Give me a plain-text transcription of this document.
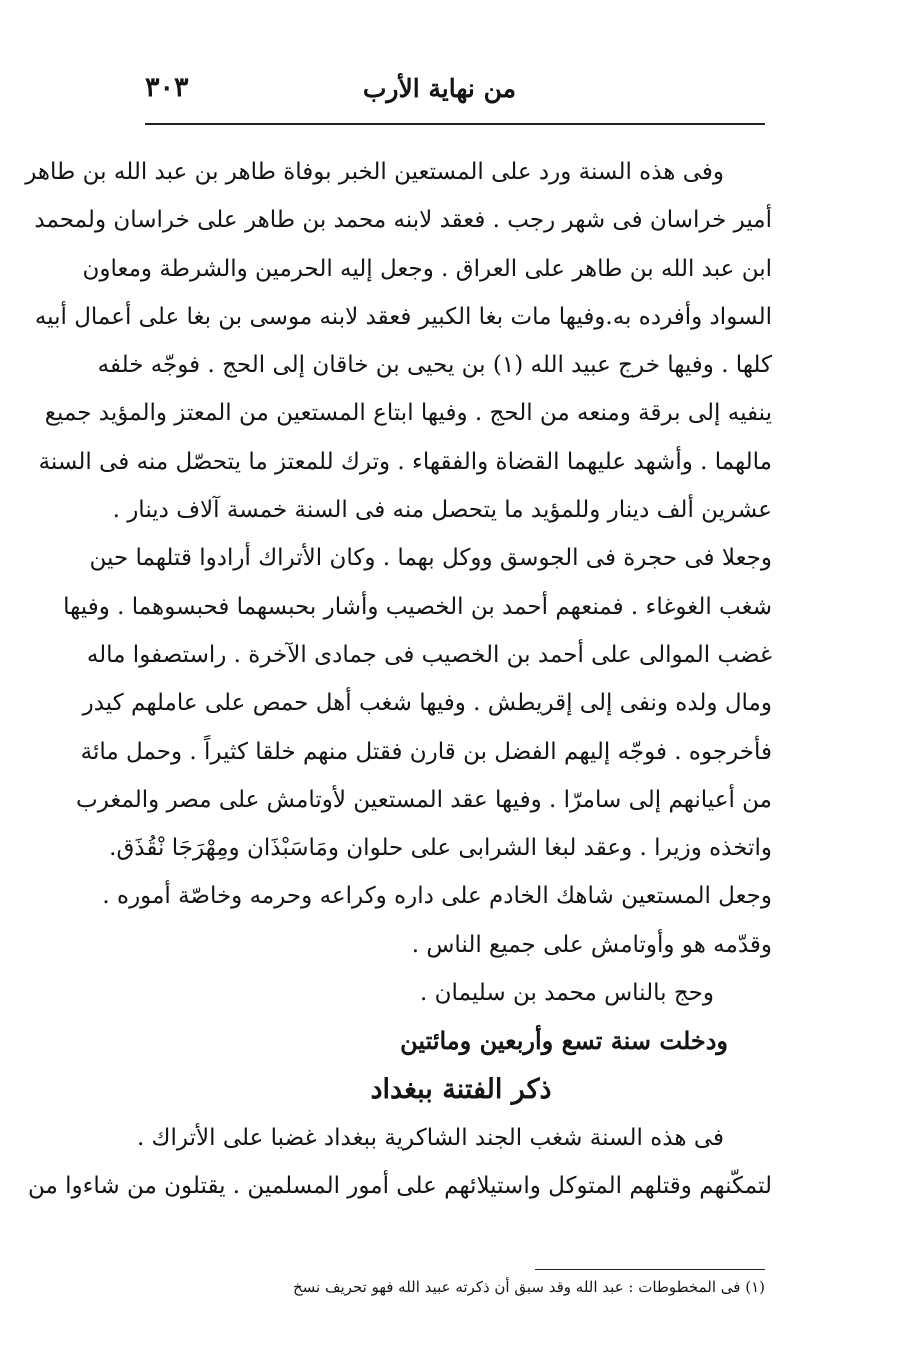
من نهاية الأرب
٣٠٣
وفى هذه السنة ورد على المستعين الخبر بوفاة طاهر بن عبد الله بن طاهر
أمير خراسان فى شهر رجب . فعقد لابنه محمد بن طاهر على خراسان ولمحمد
ابن عبد الله بن طاهر على العراق . وجعل إليه الحرمين والشرطة ومعاون
السواد وأفرده به.وفيها مات بغا الكبير فعقد لابنه موسى بن بغا على أعمال أبيه
كلها . وفيها خرج عبيد الله (١) بن يحيى بن خاقان إلى الحج . فوجّه خلفه
ينفيه إلى برقة ومنعه من الحج . وفيها ابتاع المستعين من المعتز والمؤيد جميع
مالهما . وأشهد عليهما القضاة والفقهاء . وترك للمعتز ما يتحصّل منه فى السنة
عشرين ألف دينار وللمؤيد ما يتحصل منه فى السنة خمسة آلاف دينار .
وجعلا فى حجرة فى الجوسق ووكل بهما . وكان الأتراك أرادوا قتلهما حين
شغب الغوغاء . فمنعهم أحمد بن الخصيب وأشار بحبسهما فحبسوهما . وفيها
غضب الموالى على أحمد بن الخصيب فى جمادى الآخرة . راستصفوا ماله
ومال ولده ونفى إلى إقريطش . وفيها شغب أهل حمص على عاملهم كيدر
فأخرجوه . فوجّه إليهم الفضل بن قارن فقتل منهم خلقا كثيراً . وحمل مائة
من أعيانهم إلى سامرّا . وفيها عقد المستعين لأوتامش على مصر والمغرب
واتخذه وزيرا . وعقد لبغا الشرابى على حلوان ومَاسَبْذَان ومِهْرَجَا نْقُذَق.
وجعل المستعين شاهك الخادم على داره وكراعه وحرمه وخاصّة أموره .
وقدّمه هو وأوتامش على جميع الناس .
وحج بالناس محمد بن سليمان .
ودخلت سنة تسع وأربعين ومائتين
ذكر الفتنة ببغداد
فى هذه السنة شغب الجند الشاكرية ببغداد غضبا على الأتراك .
لتمكّنهم وقتلهم المتوكل واستيلائهم على أمور المسلمين . يقتلون من شاءوا من
(١) فى المخطوطات : عبد الله وقد سبق أن ذكرته عبيد الله فهو تحريف نسخ
